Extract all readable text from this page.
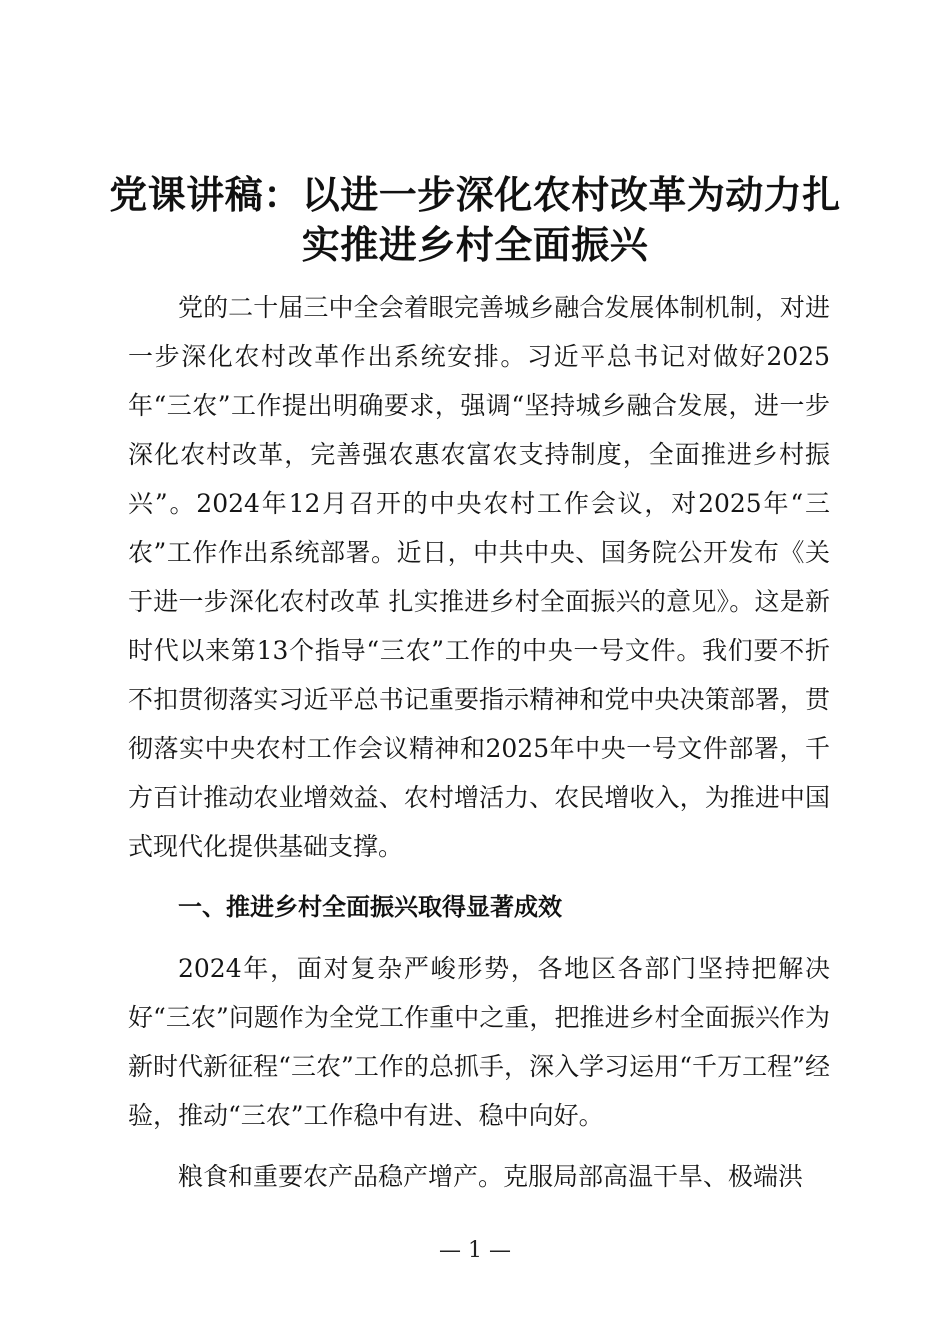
党课讲稿：以进一步深化农村改革为动力扎实推进乡村全面振兴

党的二十届三中全会着眼完善城乡融合发展体制机制，对进一步深化农村改革作出系统安排。习近平总书记对做好2025年“三农”工作提出明确要求，强调“坚持城乡融合发展，进一步深化农村改革，完善强农惠农富农支持制度，全面推进乡村振兴”。2024年12月召开的中央农村工作会议，对2025年“三农”工作作出系统部署。近日，中共中央、国务院公开发布《关于进一步深化农村改革 扎实推进乡村全面振兴的意见》。这是新时代以来第13个指导“三农”工作的中央一号文件。我们要不折不扣贯彻落实习近平总书记重要指示精神和党中央决策部署，贯彻落实中央农村工作会议精神和2025年中央一号文件部署，千方百计推动农业增效益、农村增活力、农民增收入，为推进中国式现代化提供基础支撑。

一、推进乡村全面振兴取得显著成效

2024年，面对复杂严峻形势，各地区各部门坚持把解决好“三农”问题作为全党工作重中之重，把推进乡村全面振兴作为新时代新征程“三农”工作的总抓手，深入学习运用“千万工程”经验，推动“三农”工作稳中有进、稳中向好。

粮食和重要农产品稳产增产。克服局部高温干旱、极端洪

— 1 —
